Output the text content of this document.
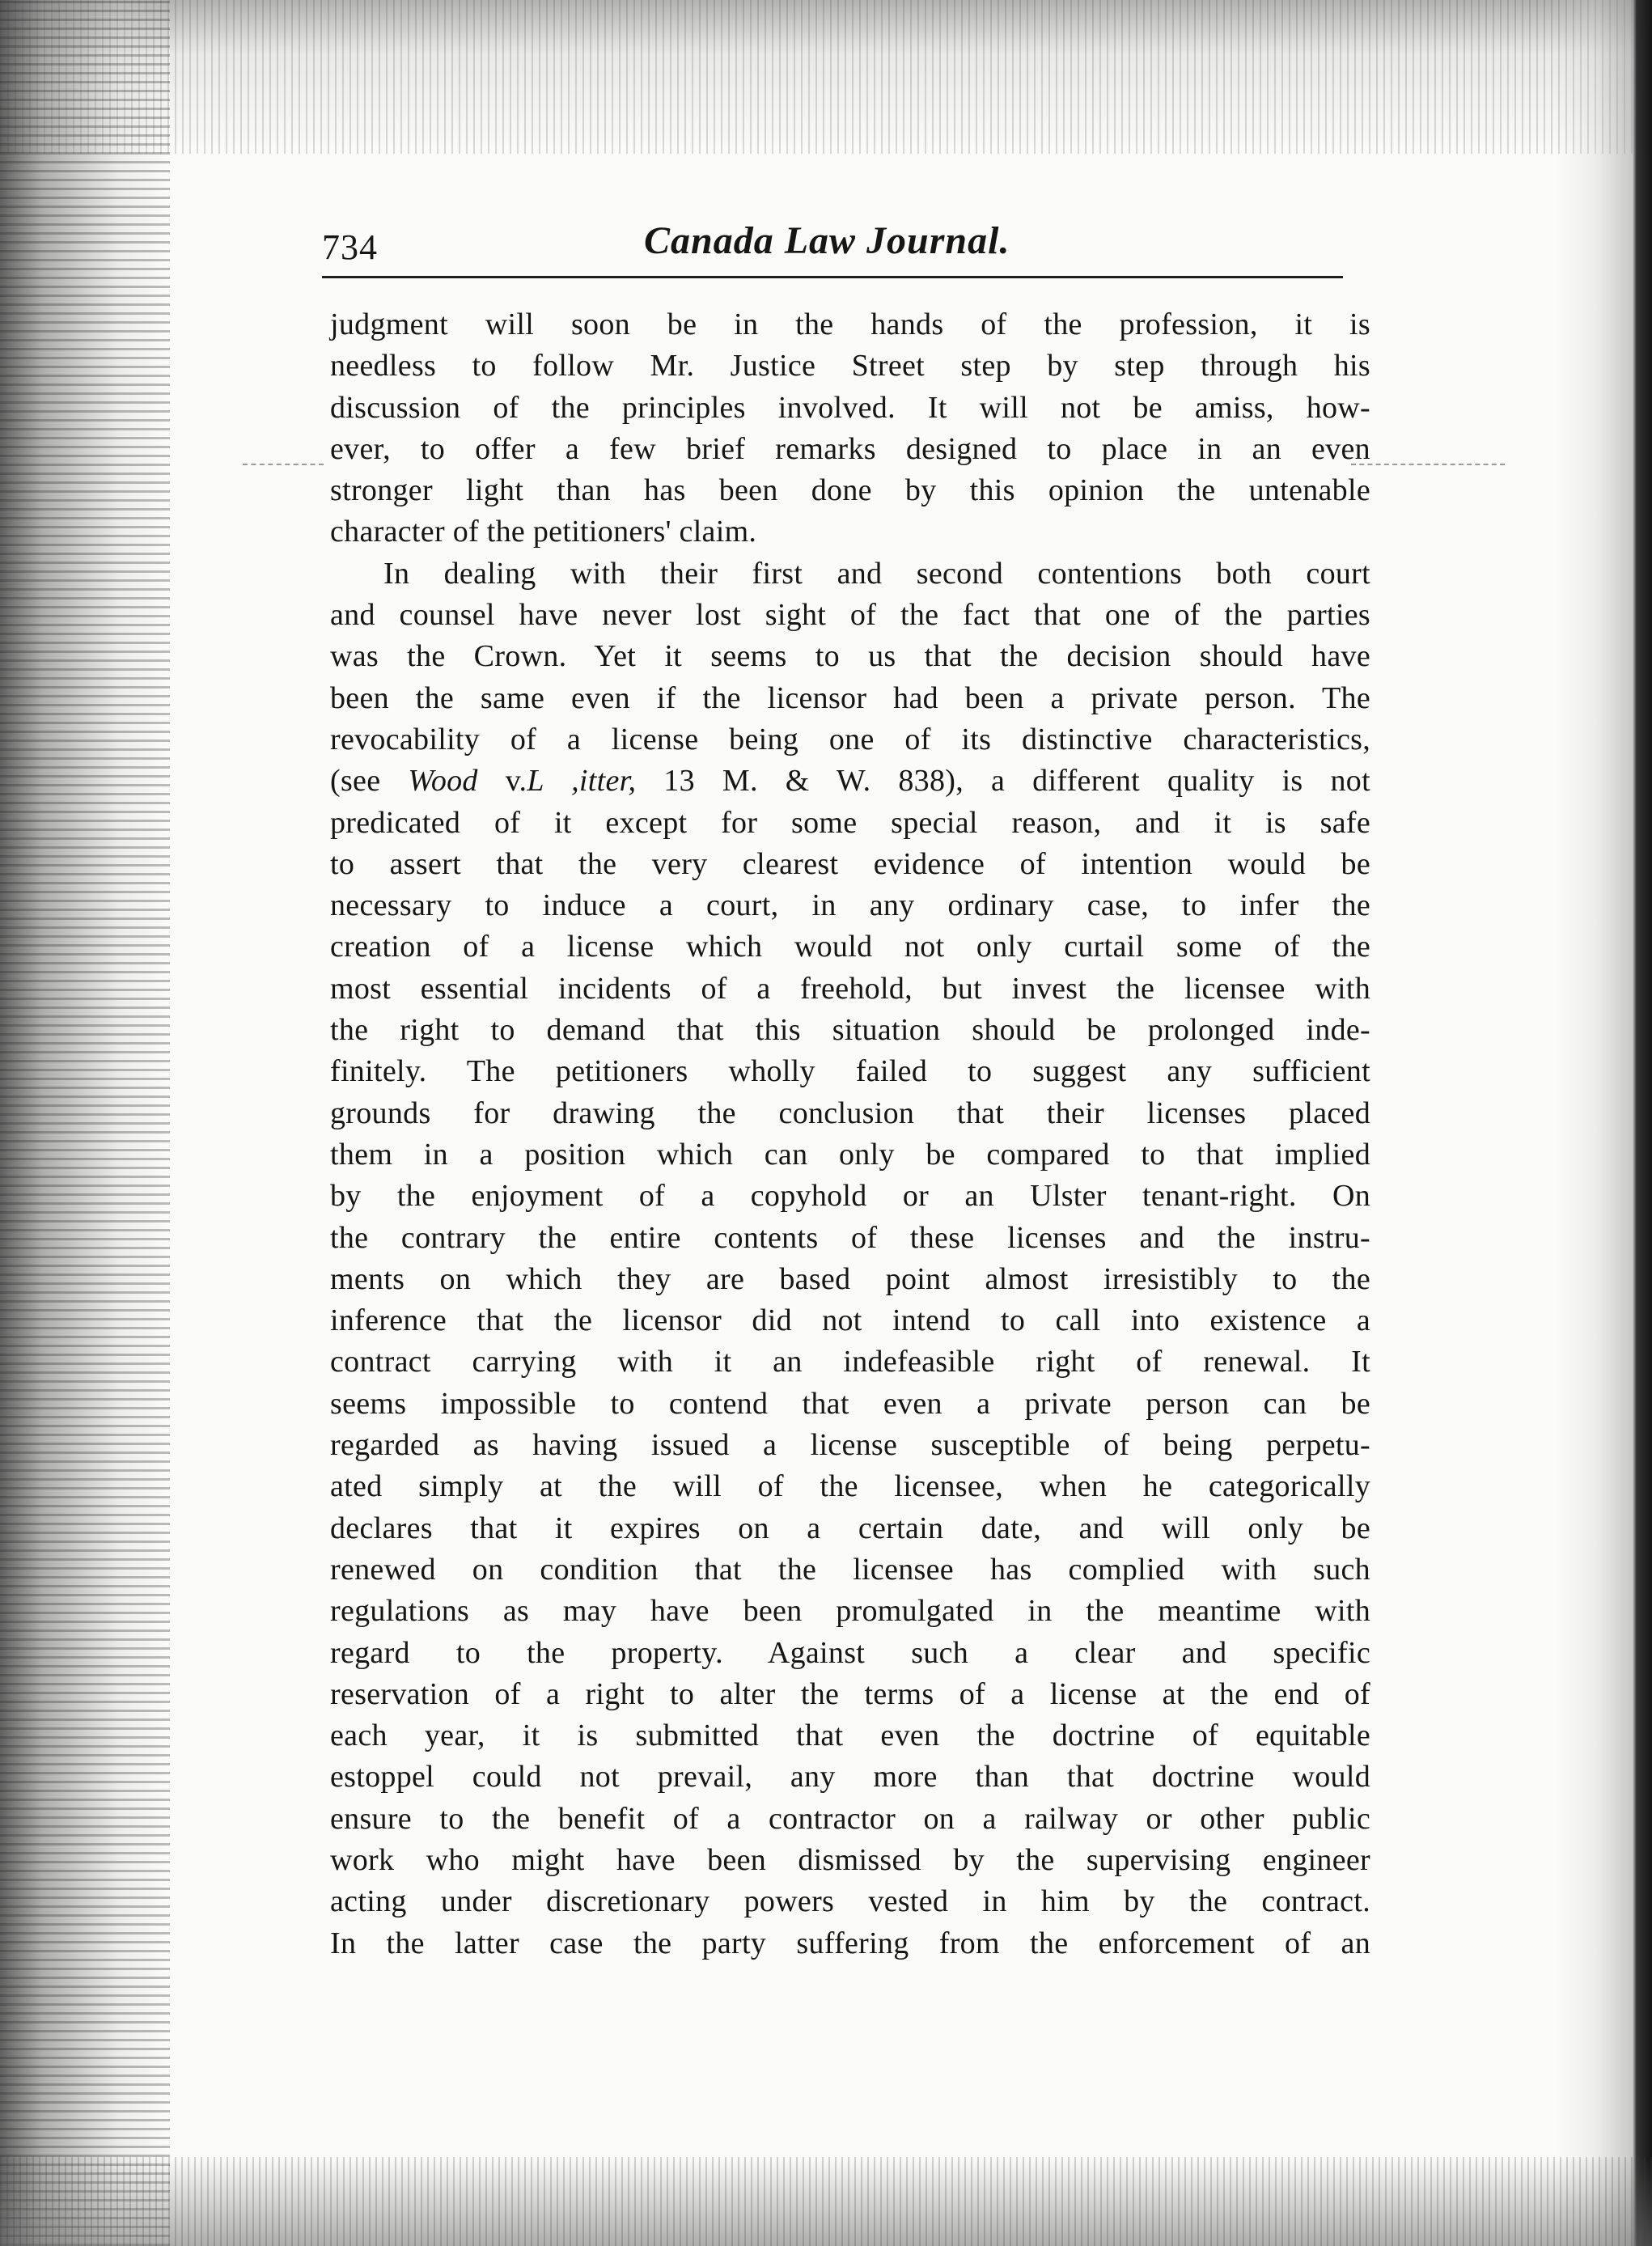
734	Canada Law Journal.
judgment will soon be in the hands of the profession, it is
needless to follow Mr. Justice Street step by step through his
discussion of the principles involved. It will not be amiss, how-
ever, to offer a few brief remarks designed to place in an even
stronger light than has been done by this opinion the untenable
character of the petitioners' claim.
In dealing with their first and second contentions both court
and counsel have never lost sight of the fact that one of the parties
was the Crown. Yet it seems to us that the decision should have
been the same even if the licensor had been a private person. The
revocability of a license being one of its distinctive characteristics,
(see Wood v.L ,itter, 13 M. & W. 838), a different quality is not
predicated of it except for some special reason, and it is safe
to assert that the very clearest evidence of intention would be
necessary to induce a court, in any ordinary case, to infer the
creation of a license which would not only curtail some of the
most essential incidents of a freehold, but invest the licensee with
the right to demand that this situation should be prolonged inde-
finitely. The petitioners wholly failed to suggest any sufficient
grounds for drawing the conclusion that their licenses placed
them in a position which can only be compared to that implied
by the enjoyment of a copyhold or an Ulster tenant-right. On
the contrary the entire contents of these licenses and the instru-
ments on which they are based point almost irresistibly to the
inference that the licensor did not intend to call into existence a
contract carrying with it an indefeasible right of renewal. It
seems impossible to contend that even a private person can be
regarded as having issued a license susceptible of being perpetu-
ated simply at the will of the licensee, when he categorically
declares that it expires on a certain date, and will only be
renewed on condition that the licensee has complied with such
regulations as may have been promulgated in the meantime with
regard to the property. Against such a clear and specific
reservation of a right to alter the terms of a license at the end of
each year, it is submitted that even the doctrine of equitable
estoppel could not prevail, any more than that doctrine would
ensure to the benefit of a contractor on a railway or other public
work who might have been dismissed by the supervising engineer
acting under discretionary powers vested in him by the contract.
In the latter case the party suffering from the enforcement of an
